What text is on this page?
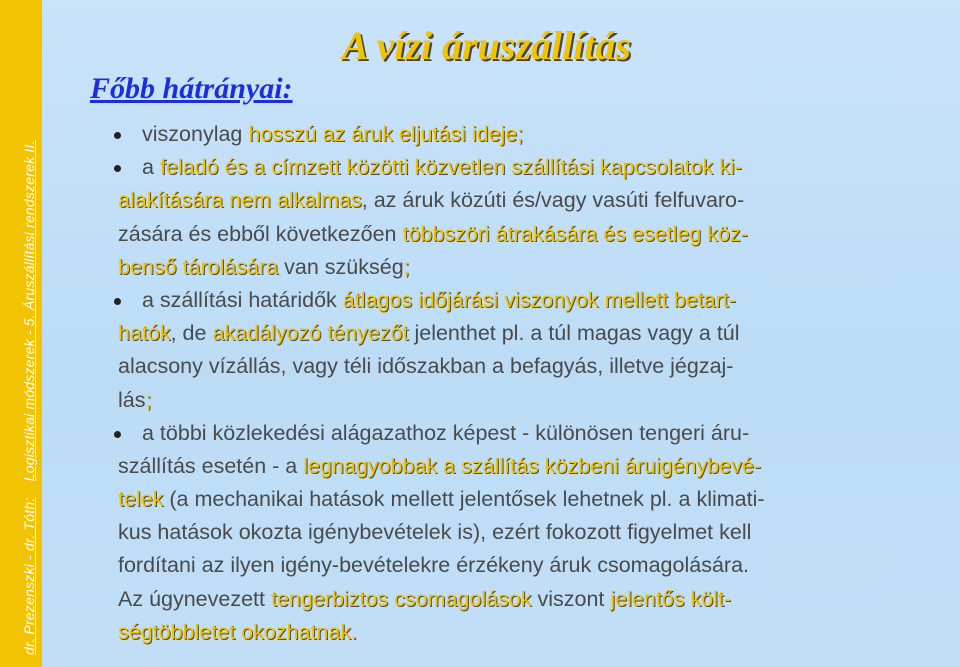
dr. Prezenszki - dr. Tóth:    Logisztikai módszerek - 5. Áruszállítási rendszerek II.
A vízi áruszállítás
Főbb hátrányai:
viszonylag hosszú az áruk eljutási ideje;
a feladó és a címzett közötti közvetlen szállítási kapcsolatok ki-
alakítására nem alkalmas, az áruk közúti és/vagy vasúti felfuvaro-
zására és ebből következően többszöri átrakására és esetleg köz-
benső tárolására van szükség;
a szállítási határidők átlagos időjárási viszonyok mellett betart-
hatók, de akadályozó tényezőt jelenthet pl. a túl magas vagy a túl
alacsony vízállás, vagy téli időszakban a befagyás, illetve jégzaj-
lás;
a többi közlekedési alágazathoz képest - különösen tengeri áru-
szállítás esetén - a legnagyobbak a szállítás közbeni áruigénybevé-
telek (a mechanikai hatások mellett jelentősek lehetnek pl. a klimati-
kus hatások okozta igénybevételek is), ezért fokozott figyelmet kell
fordítani az ilyen igény-bevételekre érzékeny áruk csomagolására.
Az úgynevezett tengerbiztos csomagolások viszont jelentős költ-
ségtöbbletet okozhatnak.
